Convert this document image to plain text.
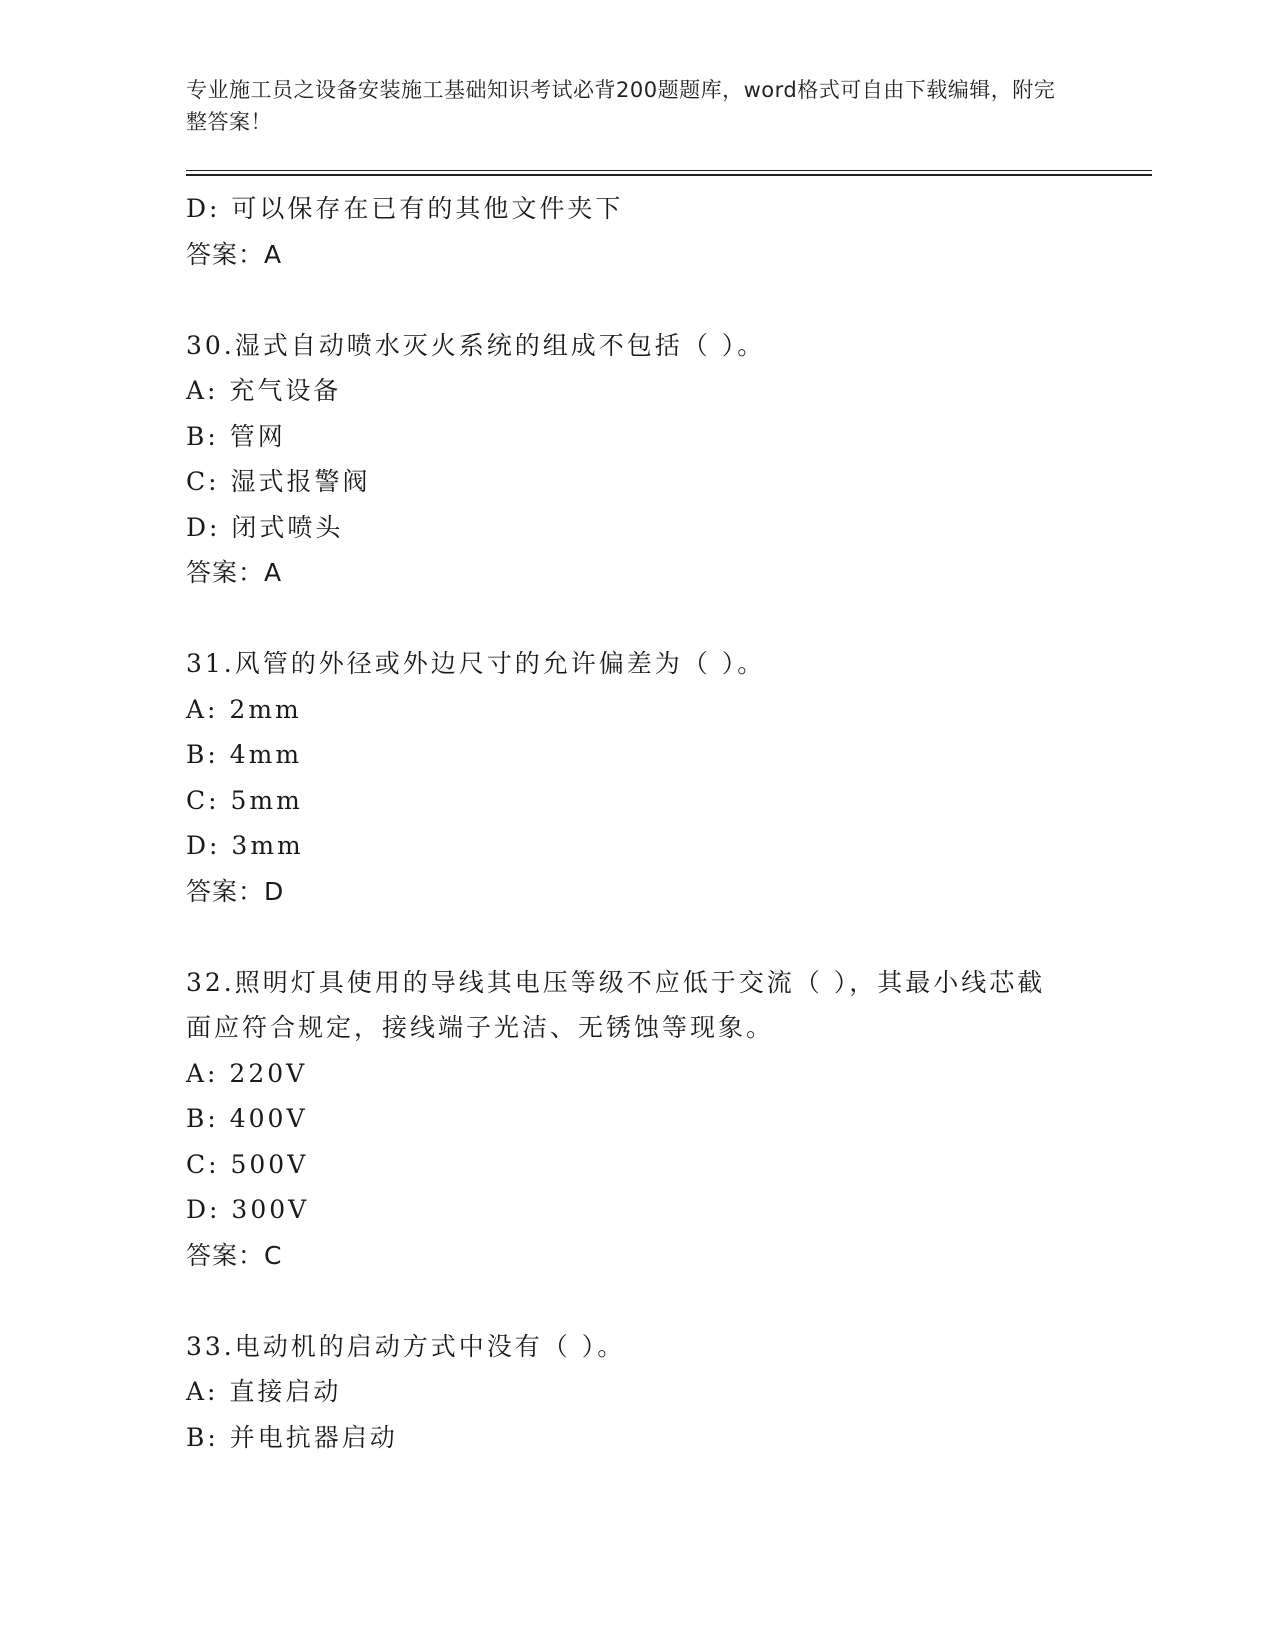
专业施工员之设备安装施工基础知识考试必背200题题库，word格式可自由下载编辑，附完整答案！
D: 可以保存在已有的其他文件夹下
答案：A
30.湿式自动喷水灭火系统的组成不包括（ ）。
A: 充气设备
B: 管网
C: 湿式报警阀
D: 闭式喷头
答案：A
31.风管的外径或外边尺寸的允许偏差为（ ）。
A: 2mm
B: 4mm
C: 5mm
D: 3mm
答案：D
32.照明灯具使用的导线其电压等级不应低于交流（ ），其最小线芯截面应符合规定，接线端子光洁、无锈蚀等现象。
A: 220V
B: 400V
C: 500V
D: 300V
答案：C
33.电动机的启动方式中没有（ ）。
A: 直接启动
B: 并电抗器启动
